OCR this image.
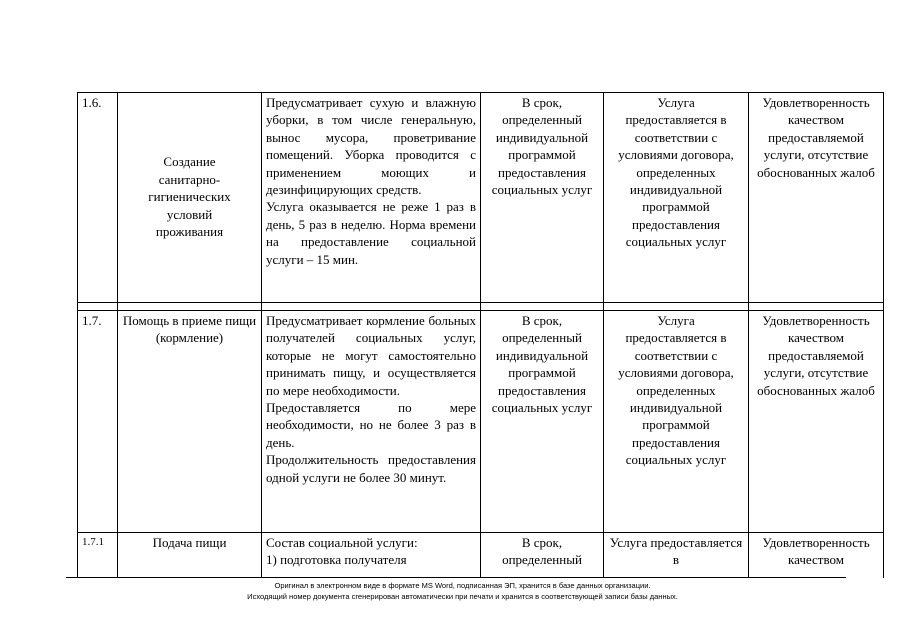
1.6.	Создание санитарно-гигиенических условий проживания	Предусматривает сухую и влажную уборки, в том числе генеральную, вынос мусора, проветривание помещений. Уборка проводится с применением моющих и дезинфицирующих средств.

Услуга оказывается не реже 1 раз в день, 5 раз в неделю. Норма времени на предоставление социальной услуги – 15 мин.	В срок, определенный индивидуальной программой предоставления социальных услуг	Услуга предоставляется в соответствии с условиями договора, определенных индивидуальной программой предоставления социальных услуг	Удовлетворенность качеством предоставляемой услуги, отсутствие обоснованных жалоб

1.7.	Помощь в приеме пищи (кормление)	Предусматривает кормление больных получателей социальных услуг, которые не могут самостоятельно принимать пищу, и осуществляется по мере необходимости.

Предоставляется по мере необходимости, но не более 3 раз в день.

Продолжительность предоставления одной услуги не более 30 минут.	В срок, определенный индивидуальной программой предоставления социальных услуг	Услуга предоставляется в соответствии с условиями договора, определенных индивидуальной программой предоставления социальных услуг	Удовлетворенность качеством предоставляемой услуги, отсутствие обоснованных жалоб
1.7.1	Подача пищи	Состав социальной услуги:

1) подготовка получателя	В срок, определенный	Услуга предоставляется в	Удовлетворенность качеством
Оригинал в электронном виде в формате MS Word, подписанная ЭП, хранится в базе данных организации.
Исходящий номер документа сгенерирован автоматически при печати и хранится в соответствующей записи базы данных.
